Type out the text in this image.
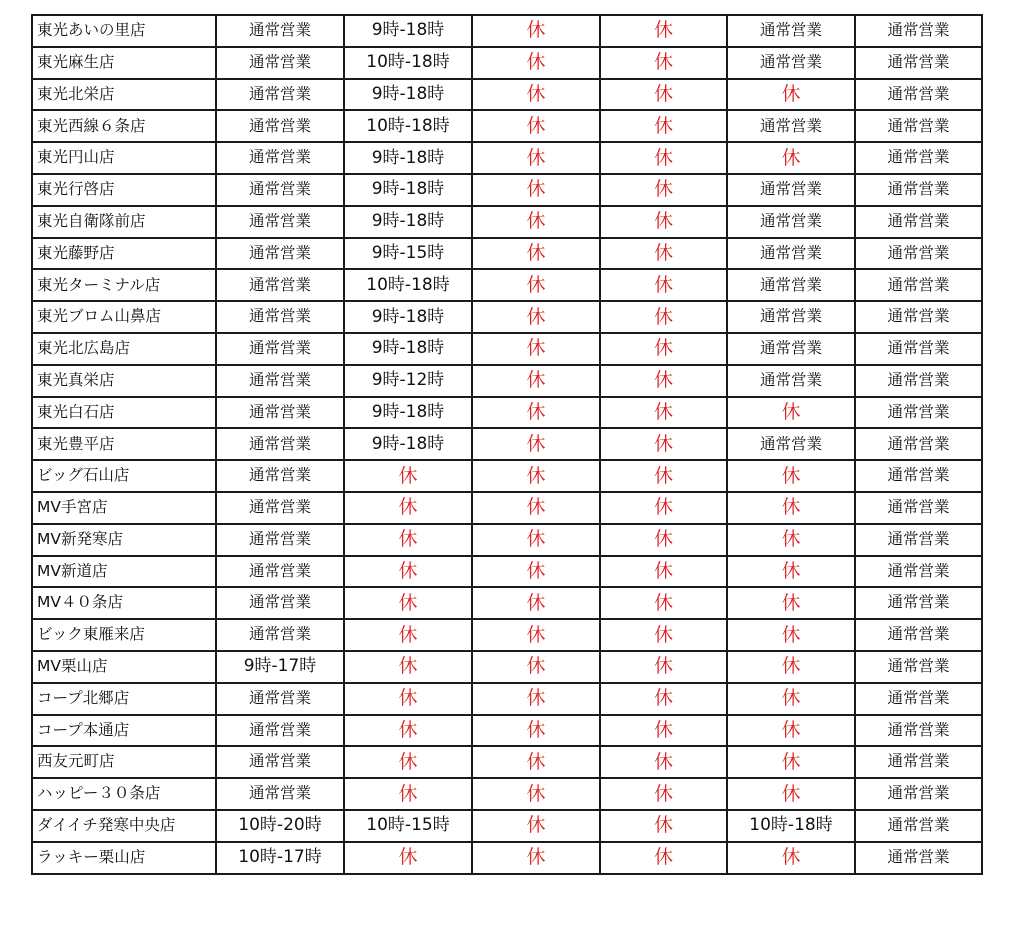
東光あいの里店	通常営業	9時-18時	休	休	通常営業	通常営業
東光麻生店	通常営業	10時-18時	休	休	通常営業	通常営業
東光北栄店	通常営業	9時-18時	休	休	休	通常営業
東光西線６条店	通常営業	10時-18時	休	休	通常営業	通常営業
東光円山店	通常営業	9時-18時	休	休	休	通常営業
東光行啓店	通常営業	9時-18時	休	休	通常営業	通常営業
東光自衛隊前店	通常営業	9時-18時	休	休	通常営業	通常営業
東光藤野店	通常営業	9時-15時	休	休	通常営業	通常営業
東光ターミナル店	通常営業	10時-18時	休	休	通常営業	通常営業
東光ブロム山鼻店	通常営業	9時-18時	休	休	通常営業	通常営業
東光北広島店	通常営業	9時-18時	休	休	通常営業	通常営業
東光真栄店	通常営業	9時-12時	休	休	通常営業	通常営業
東光白石店	通常営業	9時-18時	休	休	休	通常営業
東光豊平店	通常営業	9時-18時	休	休	通常営業	通常営業
ビッグ石山店	通常営業	休	休	休	休	通常営業
MV手宮店	通常営業	休	休	休	休	通常営業
MV新発寒店	通常営業	休	休	休	休	通常営業
MV新道店	通常営業	休	休	休	休	通常営業
MV４０条店	通常営業	休	休	休	休	通常営業
ビック東雁来店	通常営業	休	休	休	休	通常営業
MV栗山店	9時-17時	休	休	休	休	通常営業
コープ北郷店	通常営業	休	休	休	休	通常営業
コープ本通店	通常営業	休	休	休	休	通常営業
西友元町店	通常営業	休	休	休	休	通常営業
ハッピー３０条店	通常営業	休	休	休	休	通常営業
ダイイチ発寒中央店	10時-20時	10時-15時	休	休	10時-18時	通常営業
ラッキー栗山店	10時-17時	休	休	休	休	通常営業
